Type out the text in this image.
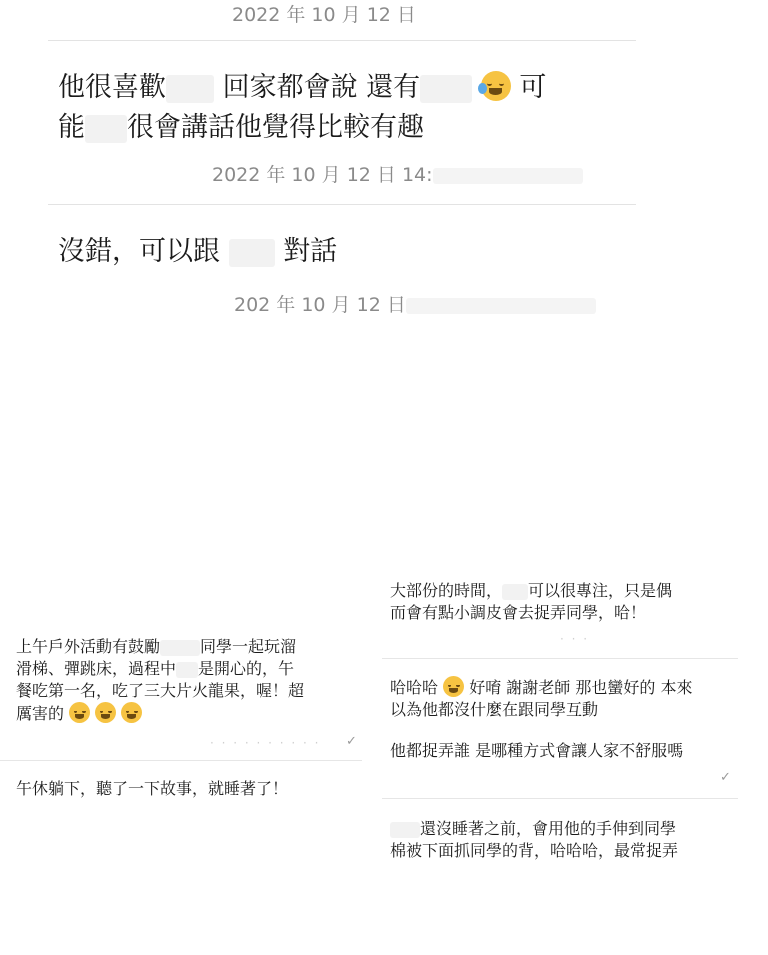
2022 年 10 月 12 日
他很喜歡 回家都會說 還有	可
能 很會講話他覺得比較有趣
2022 年 10 月 12 日 14:
沒錯，可以跟 對話
202 年 10 月 12 日
上午戶外活動有鼓勵	同學一起玩溜
滑梯、彈跳床，過程中 是開心的，午
餐吃第一名，吃了三大片火龍果，喔！超
厲害的

· · · · · · · · · · ✓
午休躺下，聽了一下故事，就睡著了！
大部份的時間， 可以很專注，只是偶
而會有點小調皮會去捉弄同學，哈！
· · ·
哈哈哈 好唷 謝謝老師 那也蠻好的 本來
以為他都沒什麼在跟同學互動
他都捉弄誰 是哪種方式會讓人家不舒服嗎
✓
還沒睡著之前，會用他的手伸到同學
棉被下面抓同學的背，哈哈哈，最常捉弄
